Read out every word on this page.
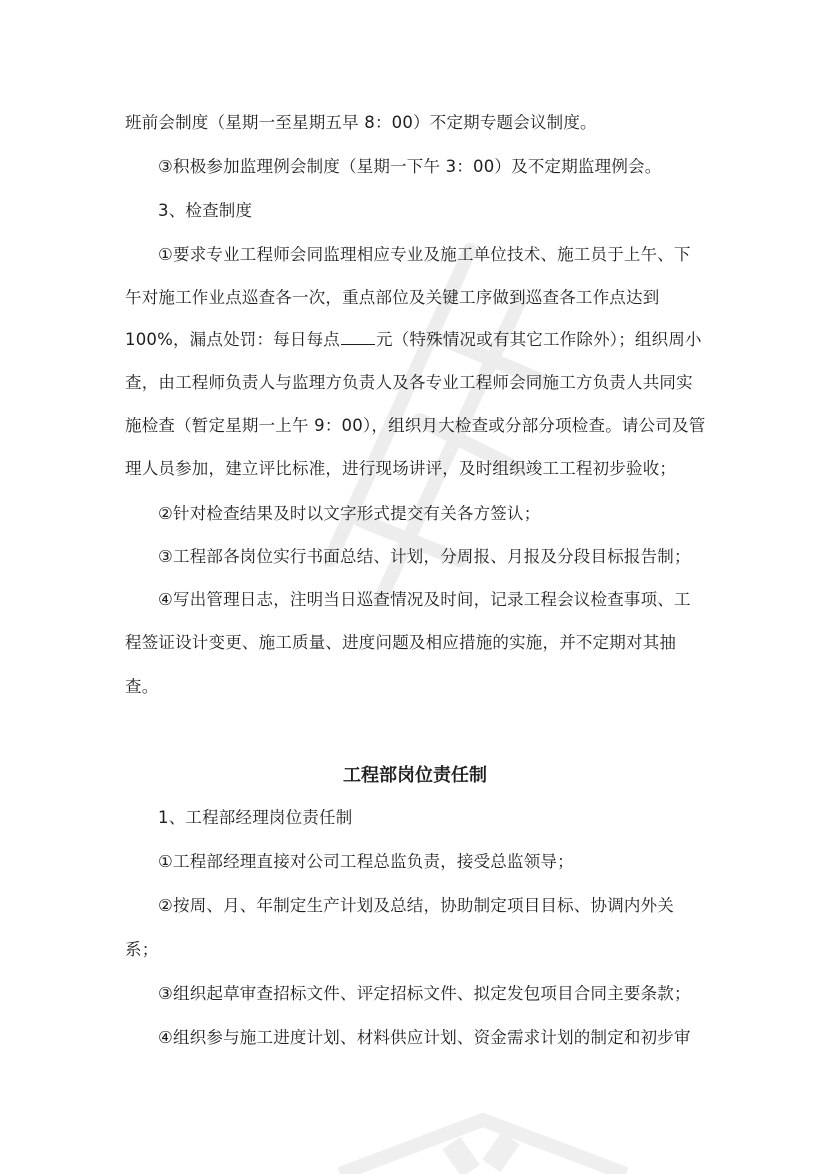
班前会制度（星期一至星期五早 8：00）不定期专题会议制度。
③积极参加监理例会制度（星期一下午 3：00）及不定期监理例会。
3、检查制度
①要求专业工程师会同监理相应专业及施工单位技术、施工员于上午、下
午对施工作业点巡查各一次，重点部位及关键工序做到巡查各工作点达到
100%，漏点处罚：每日每点 元（特殊情况或有其它工作除外）；组织周小
查，由工程师负责人与监理方负责人及各专业工程师会同施工方负责人共同实
施检查（暂定星期一上午 9：00），组织月大检查或分部分项检查。请公司及管
理人员参加，建立评比标准，进行现场讲评，及时组织竣工工程初步验收；
②针对检查结果及时以文字形式提交有关各方签认；
③工程部各岗位实行书面总结、计划，分周报、月报及分段目标报告制；
④写出管理日志，注明当日巡查情况及时间，记录工程会议检查事项、工
程签证设计变更、施工质量、进度问题及相应措施的实施，并不定期对其抽
查。
工程部岗位责任制
1、工程部经理岗位责任制
①工程部经理直接对公司工程总监负责，接受总监领导；
②按周、月、年制定生产计划及总结，协助制定项目目标、协调内外关
系；
③组织起草审查招标文件、评定招标文件、拟定发包项目合同主要条款；
④组织参与施工进度计划、材料供应计划、资金需求计划的制定和初步审
